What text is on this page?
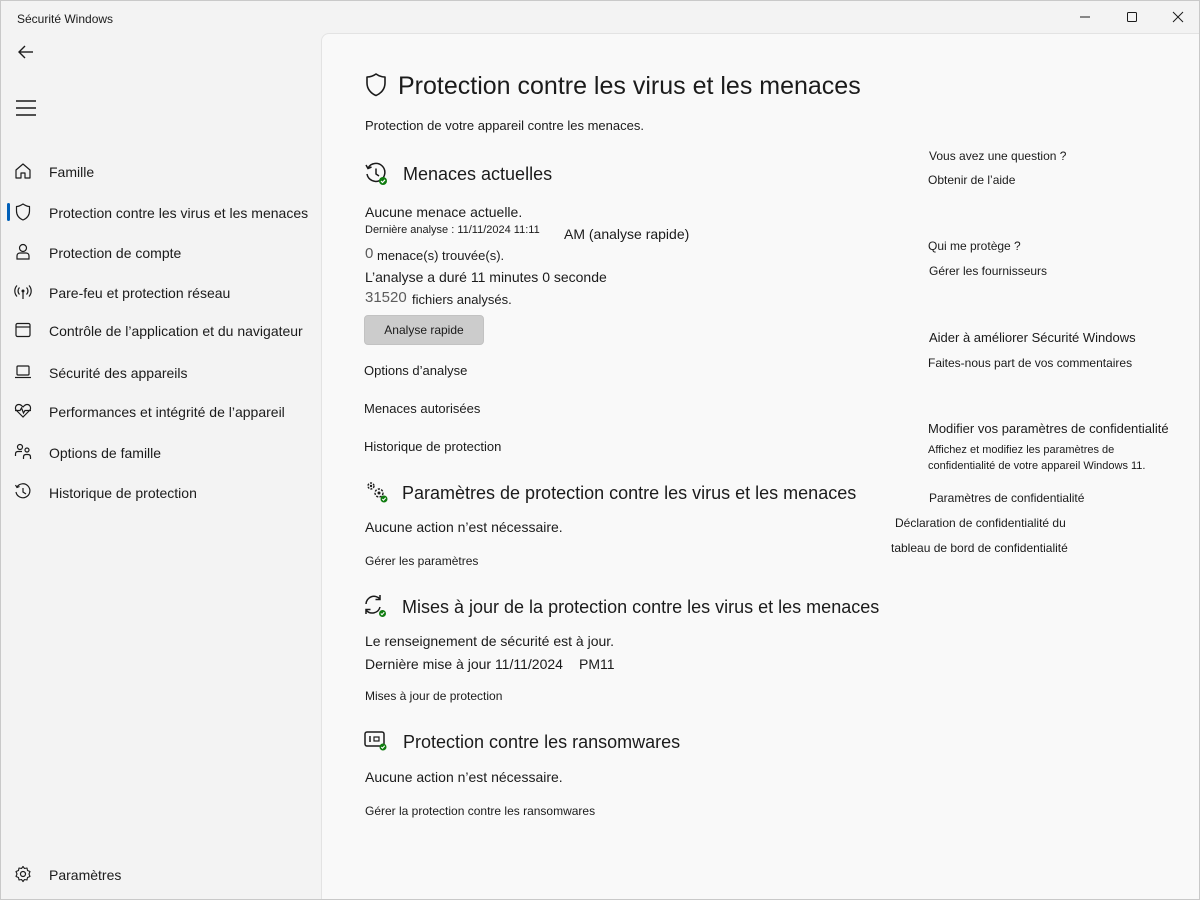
Sécurité Windows
Famille
Protection contre les virus et les menaces
Protection de compte
Pare-feu et protection réseau
Contrôle de l’application et du navigateur
Sécurité des appareils
Performances et intégrité de l’appareil
Options de famille
Historique de protection
Paramètres
Protection contre les virus et les menaces
Protection de votre appareil contre les menaces.
Menaces actuelles
Aucune menace actuelle.
Dernière analyse : 11/11/2024 11:11 AM (analyse rapide)
0 menace(s) trouvée(s).
L’analyse a duré 11 minutes 0 seconde
31520 fichiers analysés.
Analyse rapide
Options d’analyse
Menaces autorisées
Historique de protection
Paramètres de protection contre les virus et les menaces
Aucune action n’est nécessaire.
Gérer les paramètres
Mises à jour de la protection contre les virus et les menaces
Le renseignement de sécurité est à jour.
Dernière mise à jour 11/11/2024 PM11
Mises à jour de protection
Protection contre les ransomwares
Aucune action n’est nécessaire.
Gérer la protection contre les ransomwares
Vous avez une question ?
Obtenir de l’aide
Qui me protège ?
Gérer les fournisseurs
Aider à améliorer Sécurité Windows
Faites-nous part de vos commentaires
Modifier vos paramètres de confidentialité
Affichez et modifiez les paramètres de confidentialité de votre appareil Windows 11.
Paramètres de confidentialité
Déclaration de confidentialité du
tableau de bord de confidentialité
